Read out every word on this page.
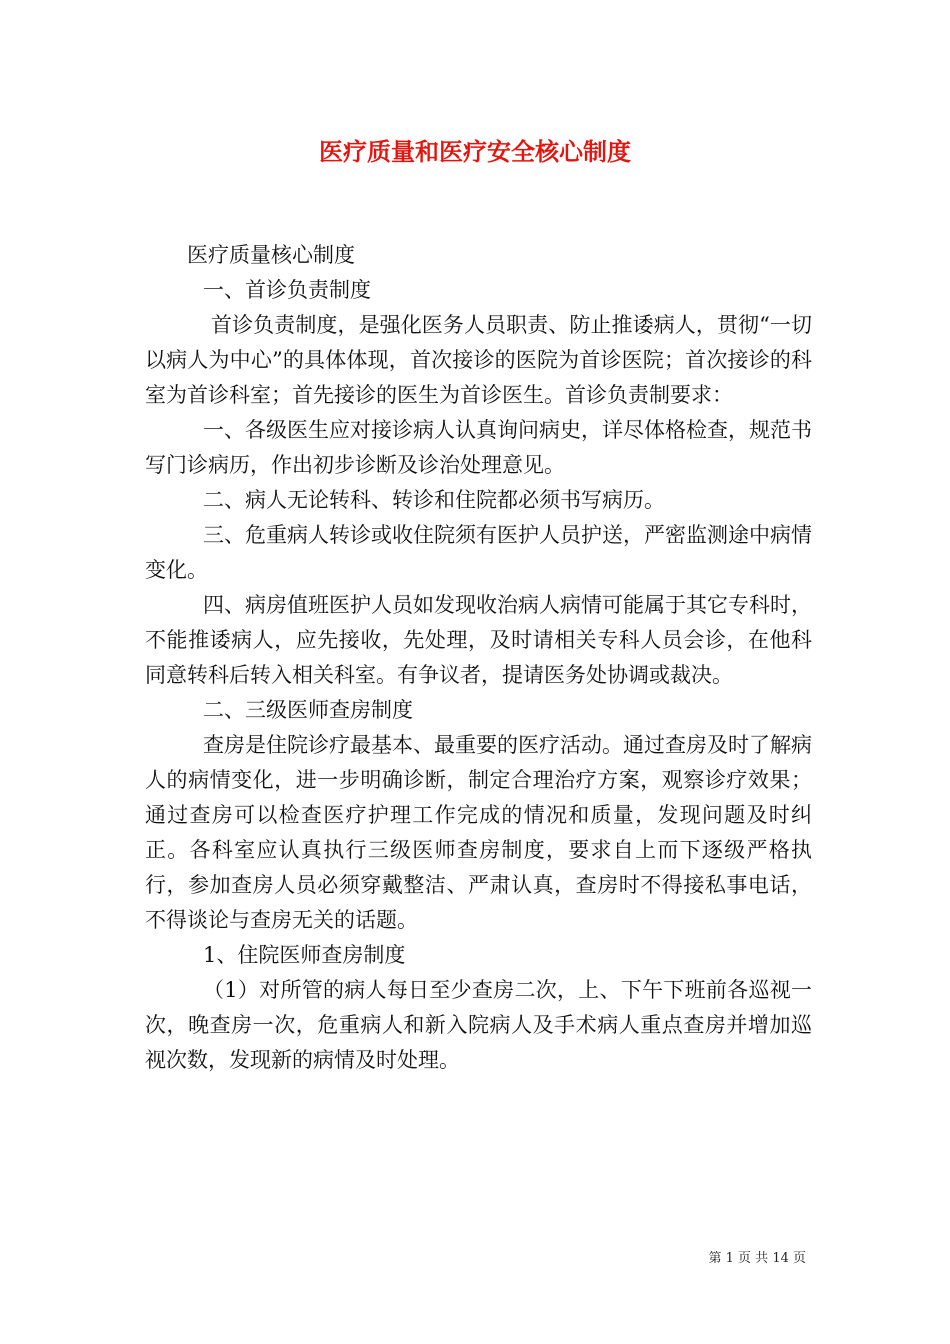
医疗质量和医疗安全核心制度

医疗质量核心制度

一、首诊负责制度

首诊负责制度，是强化医务人员职责、防止推诿病人，贯彻“一切以病人为中心”的具体体现，首次接诊的医院为首诊医院；首次接诊的科室为首诊科室；首先接诊的医生为首诊医生。首诊负责制要求：

一、各级医生应对接诊病人认真询问病史，详尽体格检查，规范书写门诊病历，作出初步诊断及诊治处理意见。

二、病人无论转科、转诊和住院都必须书写病历。

三、危重病人转诊或收住院须有医护人员护送，严密监测途中病情变化。

四、病房值班医护人员如发现收治病人病情可能属于其它专科时，不能推诿病人，应先接收，先处理，及时请相关专科人员会诊，在他科同意转科后转入相关科室。有争议者，提请医务处协调或裁决。

二、三级医师查房制度

查房是住院诊疗最基本、最重要的医疗活动。通过查房及时了解病人的病情变化，进一步明确诊断，制定合理治疗方案，观察诊疗效果；通过查房可以检查医疗护理工作完成的情况和质量，发现问题及时纠正。各科室应认真执行三级医师查房制度，要求自上而下逐级严格执行，参加查房人员必须穿戴整洁、严肃认真，查房时不得接私事电话，不得谈论与查房无关的话题。

1、住院医师查房制度

（1）对所管的病人每日至少查房二次，上、下午下班前各巡视一次，晚查房一次，危重病人和新入院病人及手术病人重点查房并增加巡视次数，发现新的病情及时处理。

第 1 页 共 14 页
